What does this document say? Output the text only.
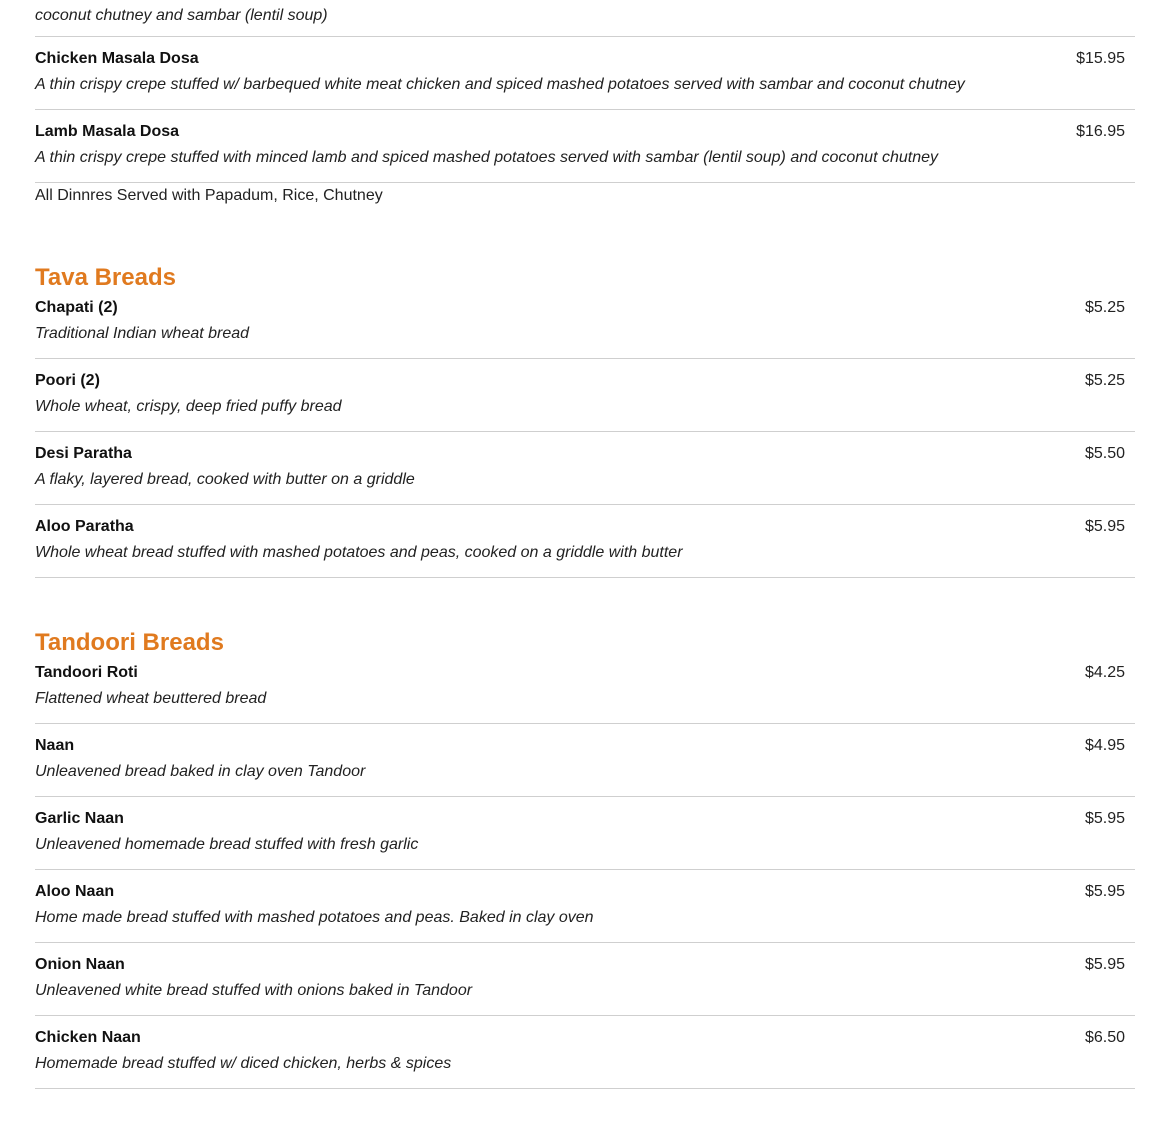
coconut chutney and sambar (lentil soup)
Chicken Masala Dosa	$15.95
A thin crispy crepe stuffed w/ barbequed white meat chicken and spiced mashed potatoes served with sambar and coconut chutney
Lamb Masala Dosa	$16.95
A thin crispy crepe stuffed with minced lamb and spiced mashed potatoes served with sambar (lentil soup) and coconut chutney
All Dinnres Served with Papadum, Rice, Chutney
Tava Breads
Chapati (2)	$5.25
Traditional Indian wheat bread
Poori (2)	$5.25
Whole wheat, crispy, deep fried puffy bread
Desi Paratha	$5.50
A flaky, layered bread, cooked with butter on a griddle
Aloo Paratha	$5.95
Whole wheat bread stuffed with mashed potatoes and peas, cooked on a griddle with butter
Tandoori Breads
Tandoori Roti	$4.25
Flattened wheat beuttered bread
Naan	$4.95
Unleavened bread baked in clay oven Tandoor
Garlic Naan	$5.95
Unleavened homemade bread stuffed with fresh garlic
Aloo Naan	$5.95
Home made bread stuffed with mashed potatoes and peas. Baked in clay oven
Onion Naan	$5.95
Unleavened white bread stuffed with onions baked in Tandoor
Chicken Naan	$6.50
Homemade bread stuffed w/ diced chicken, herbs & spices
